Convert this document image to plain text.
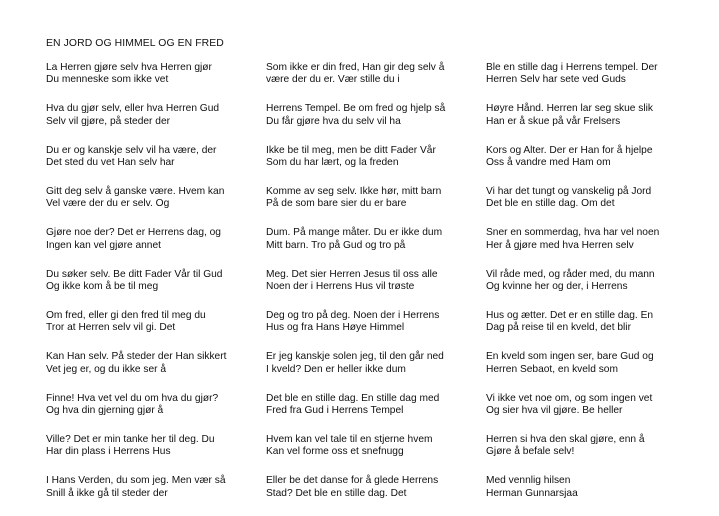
EN JORD OG HIMMEL OG EN FRED
La Herren gjøre selv hva Herren gjør
Du menneske som ikke vet
Hva du gjør selv, eller hva Herren Gud
Selv vil gjøre, på steder der
Du er og kanskje selv vil ha være, der
Det sted du vet Han selv har
Gitt deg selv å ganske være. Hvem kan
Vel være der du er selv. Og
Gjøre noe der? Det er Herrens dag, og
Ingen kan vel gjøre annet
Du søker selv. Be ditt Fader Vår til Gud
Og ikke kom å be til meg
Om fred, eller gi den fred til meg du
Tror at Herren selv vil gi. Det
Kan Han selv. På steder der Han sikkert
Vet jeg er, og du ikke ser å
Finne! Hva vet vel du om hva du gjør?
Og hva din gjerning gjør å
Ville? Det er min tanke her til deg. Du
Har din plass i Herrens Hus
I Hans Verden, du som jeg. Men vær så
Snill å ikke gå til steder der
Som ikke er din fred, Han gir deg selv å
være der du er. Vær stille du i
Herrens Tempel. Be om fred og hjelp så
Du får gjøre hva du selv vil ha
Ikke be til meg, men be ditt Fader Vår
Som du har lært, og la freden
Komme av seg selv. Ikke hør, mitt barn
På de som bare sier du er bare
Dum. På mange måter. Du er ikke dum
Mitt barn. Tro på Gud og tro på
Meg. Det sier Herren Jesus til oss alle
Noen der i Herrens Hus vil trøste
Deg og tro på deg. Noen der i Herrens
Hus og fra Hans Høye Himmel
Er jeg kanskje solen jeg, til den går ned
I kveld? Den er heller ikke dum
Det ble en stille dag. En stille dag med
Fred fra Gud i Herrens Tempel
Hvem kan vel tale til en stjerne hvem
Kan vel forme oss et snefnugg
Eller be det danse for å glede Herrens
Stad? Det ble en stille dag. Det
Ble en stille dag i Herrens tempel. Der
Herren Selv har sete ved Guds
Høyre Hånd. Herren lar seg skue slik
Han er å skue på vår Frelsers
Kors og Alter. Der er Han for å hjelpe
Oss å vandre med Ham om
Vi har det tungt og vanskelig på Jord
Det ble en stille dag. Om det
Sner en sommerdag, hva har vel noen
Her å gjøre med hva Herren selv
Vil råde med, og råder med, du mann
Og kvinne her og der, i Herrens
Hus og ætter. Det er en stille dag. En
Dag på reise til en kveld, det blir
En kveld som ingen ser, bare Gud og
Herren Sebaot, en kveld som
Vi ikke vet noe om, og som ingen vet
Og sier hva vil gjøre. Be heller
Herren si hva den skal gjøre, enn å
Gjøre å befale selv!
Med vennlig hilsen
Herman Gunnarsjaa
